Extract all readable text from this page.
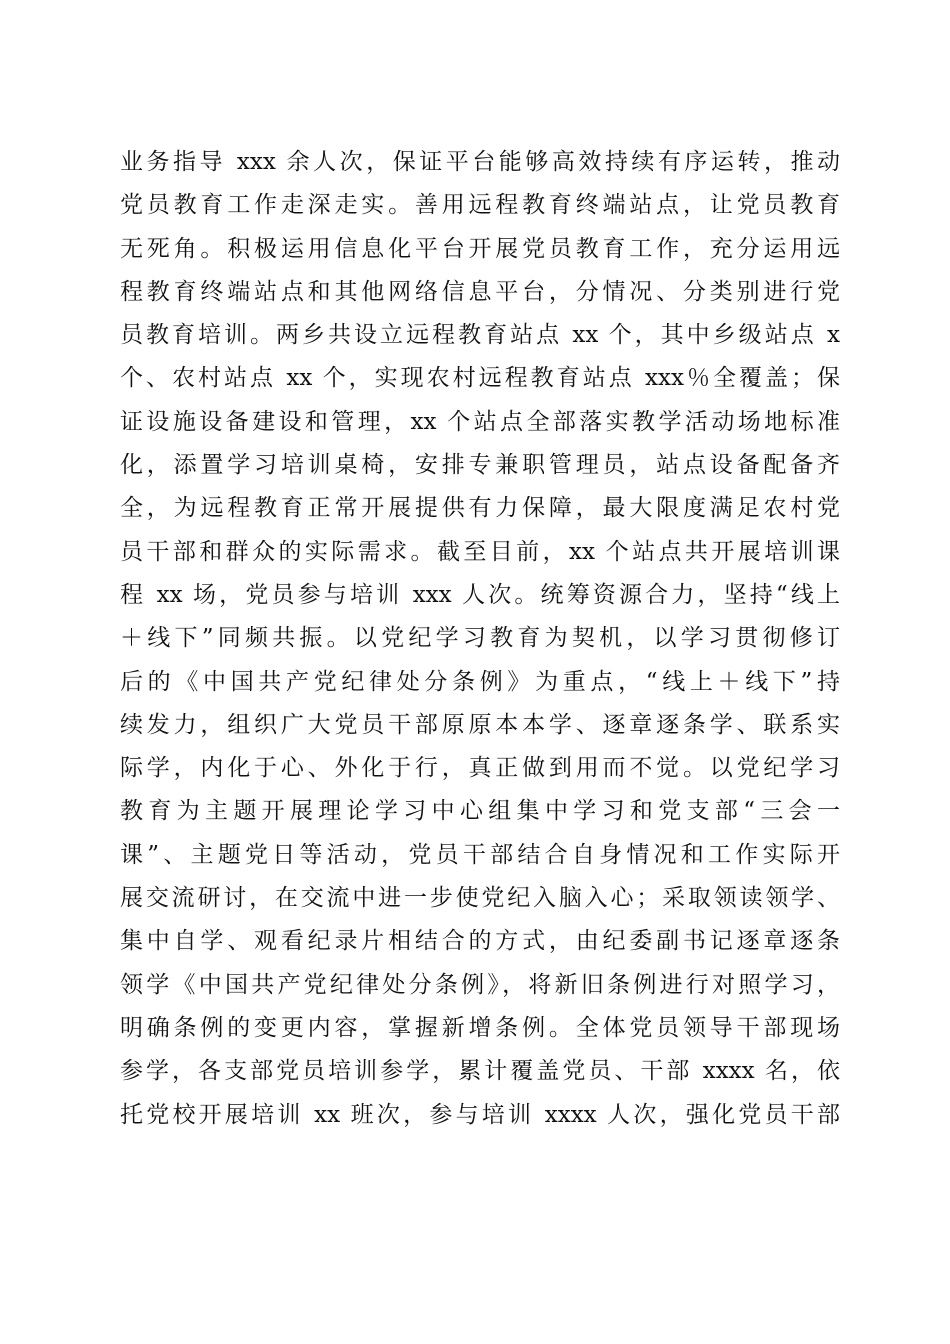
业务指导 xxx 余人次，保证平台能够高效持续有序运转，推动
党员教育工作走深走实。善用远程教育终端站点，让党员教育
无死角。积极运用信息化平台开展党员教育工作，充分运用远
程教育终端站点和其他网络信息平台，分情况、分类别进行党
员教育培训。两乡共设立远程教育站点 xx 个，其中乡级站点 x
个、农村站点 xx 个，实现农村远程教育站点 xxx％全覆盖；保
证设施设备建设和管理，xx 个站点全部落实教学活动场地标准
化，添置学习培训桌椅，安排专兼职管理员，站点设备配备齐
全，为远程教育正常开展提供有力保障，最大限度满足农村党
员干部和群众的实际需求。截至目前，xx 个站点共开展培训课
程 xx 场，党员参与培训 xxx 人次。统筹资源合力，坚持“线上
＋线下”同频共振。以党纪学习教育为契机，以学习贯彻修订
后的《中国共产党纪律处分条例》为重点，“线上＋线下”持
续发力，组织广大党员干部原原本本学、逐章逐条学、联系实
际学，内化于心、外化于行，真正做到用而不觉。以党纪学习
教育为主题开展理论学习中心组集中学习和党支部“三会一
课”、主题党日等活动，党员干部结合自身情况和工作实际开
展交流研讨，在交流中进一步使党纪入脑入心；采取领读领学、
集中自学、观看纪录片相结合的方式，由纪委副书记逐章逐条
领学《中国共产党纪律处分条例》，将新旧条例进行对照学习，
明确条例的变更内容，掌握新增条例。全体党员领导干部现场
参学，各支部党员培训参学，累计覆盖党员、干部 xxxx 名，依
托党校开展培训 xx 班次，参与培训 xxxx 人次，强化党员干部
